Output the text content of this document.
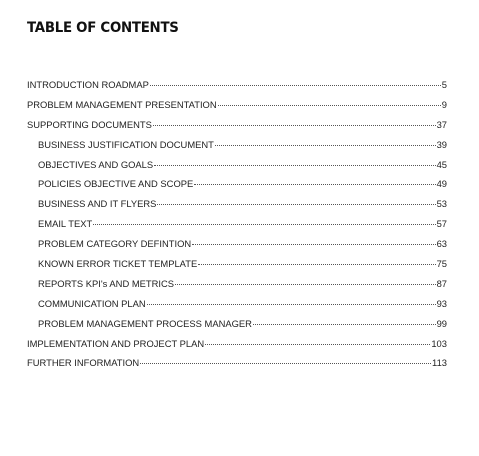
TABLE OF CONTENTS
INTRODUCTION ROADMAP	5
PROBLEM MANAGEMENT PRESENTATION	9
SUPPORTING DOCUMENTS	37
BUSINESS JUSTIFICATION DOCUMENT	39
OBJECTIVES AND GOALS	45
POLICIES OBJECTIVE AND SCOPE	49
BUSINESS AND IT FLYERS	53
EMAIL TEXT	57
PROBLEM CATEGORY DEFINTION	63
KNOWN ERROR TICKET TEMPLATE	75
REPORTS KPI's AND METRICS	87
COMMUNICATION PLAN	93
PROBLEM MANAGEMENT PROCESS MANAGER	99
IMPLEMENTATION AND PROJECT PLAN	103
FURTHER INFORMATION	113
